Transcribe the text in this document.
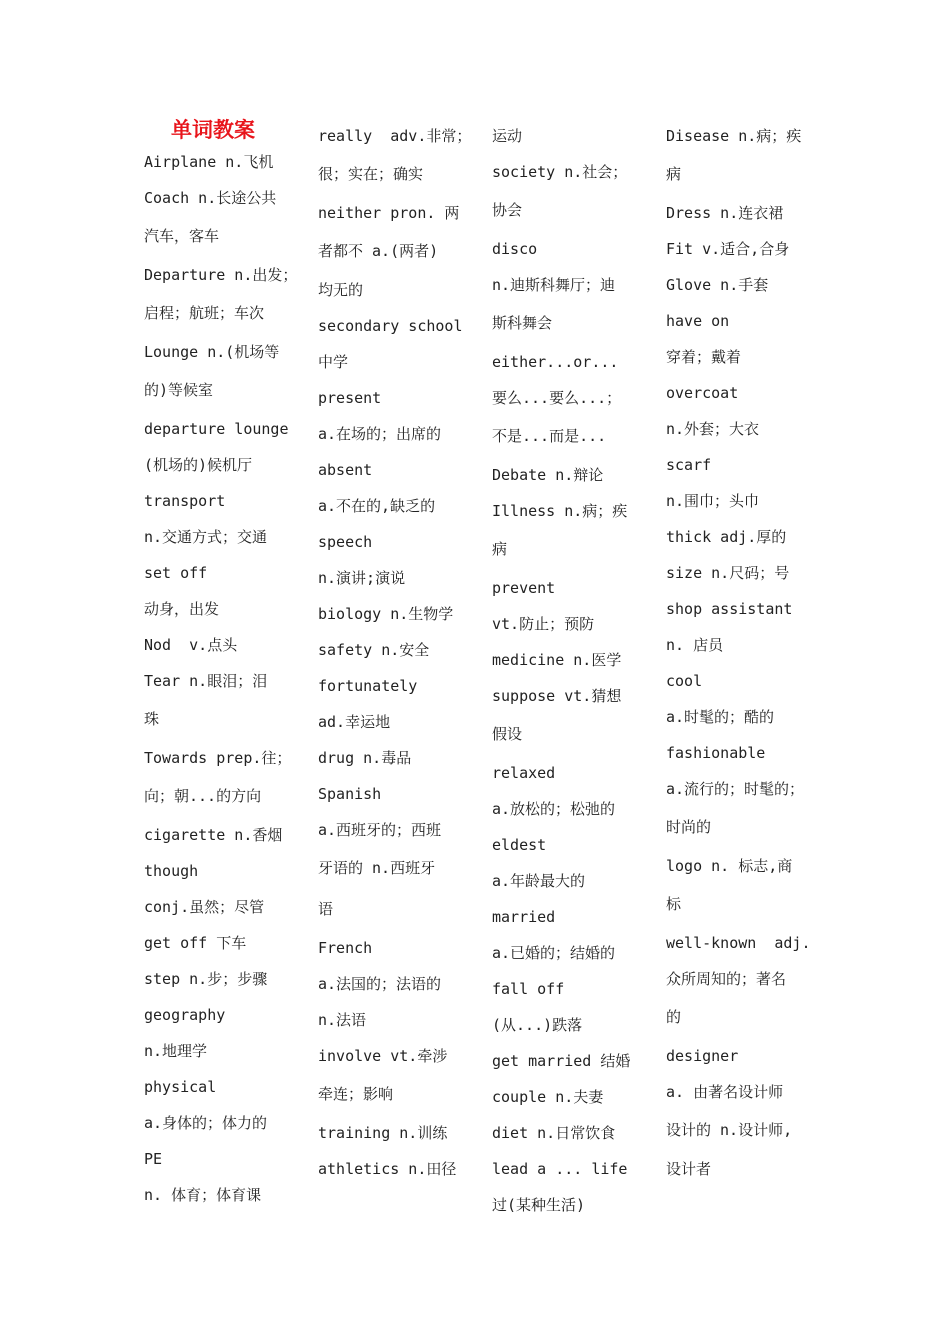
单词教案
Airplane n.飞机
Coach n.长途公共
汽车，客车
Departure n.出发；
启程；航班；车次
Lounge n.(机场等
的)等候室
departure lounge
(机场的)候机厅
transport
n.交通方式；交通
set off
动身，出发
Nod  v.点头
Tear n.眼泪；泪
珠
Towards prep.往；
向；朝...的方向
cigarette n.香烟
though
conj.虽然；尽管
get off 下车
step n.步；步骤
geography
n.地理学
physical
a.身体的；体力的
PE
n. 体育；体育课
really  adv.非常；
很；实在；确实
neither pron. 两
者都不 a.(两者)
均无的
secondary school
中学
present
a.在场的；出席的
absent
a.不在的,缺乏的
speech
n.演讲;演说
biology n.生物学
safety n.安全
fortunately
ad.幸运地
drug n.毒品
Spanish
a.西班牙的；西班
牙语的 n.西班牙
语
French
a.法国的；法语的
n.法语
involve vt.牵涉
牵连；影响
training n.训练
athletics n.田径
运动
society n.社会；
协会
disco
n.迪斯科舞厅；迪
斯科舞会
either...or...
要么...要么...；
不是...而是...
Debate n.辩论
Illness n.病；疾
病
prevent
vt.防止；预防
medicine n.医学
suppose vt.猜想
假设
relaxed
a.放松的；松弛的
eldest
a.年龄最大的
married
a.已婚的；结婚的
fall off
(从...)跌落
get married 结婚
couple n.夫妻
diet n.日常饮食
lead a ... life
过(某种生活)
Disease n.病；疾
病
Dress n.连衣裙
Fit v.适合,合身
Glove n.手套
have on
穿着；戴着
overcoat
n.外套；大衣
scarf
n.围巾；头巾
thick adj.厚的
size n.尺码；号
shop assistant
n. 店员
cool
a.时髦的；酷的
fashionable
a.流行的；时髦的；
时尚的
logo n. 标志,商
标
well-known  adj.
众所周知的；著名
的
designer
a. 由著名设计师
设计的 n.设计师,
设计者
